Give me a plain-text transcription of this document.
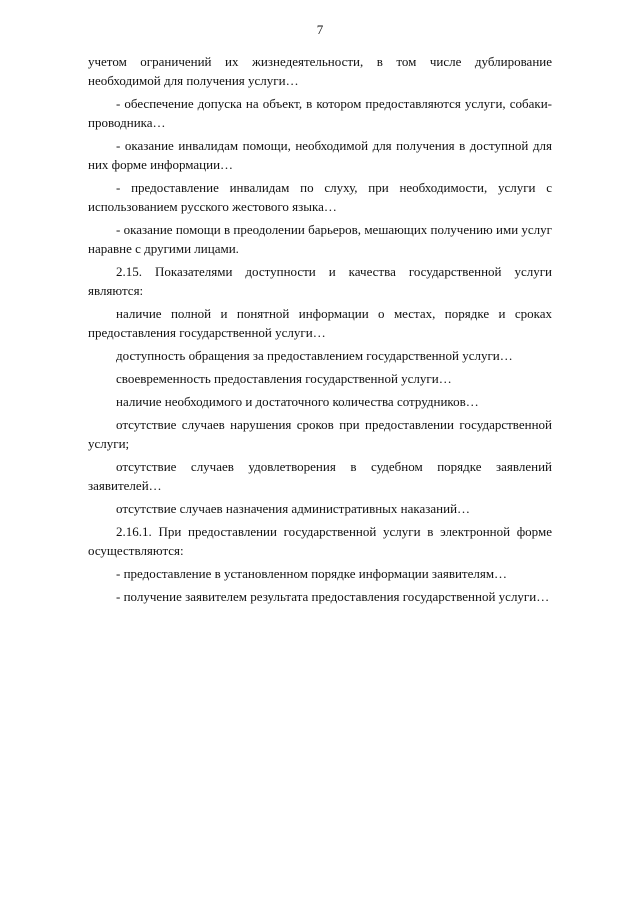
7

учетом ограничений их жизнедеятельности, в том числе дублирование необходимой для получения услуги…

- обеспечение допуска на объект, в котором предоставляются услуги, собаки-проводника…

- оказание инвалидам помощи, необходимой для получения в доступной для них форме информации…

- предоставление инвалидам по слуху, при необходимости, услуги с использованием русского жестового языка…

- оказание помощи в преодолении барьеров, мешающих получению ими услуг наравне с другими лицами.

2.15. Показателями доступности и качества государственной услуги являются:

наличие полной и понятной информации о местах, порядке и сроках предоставления государственной услуги…

доступность обращения за предоставлением государственной услуги…

своевременность предоставления государственной услуги…

наличие необходимого и достаточного количества сотрудников…

отсутствие случаев нарушения сроков при предоставлении государственной услуги;

отсутствие случаев удовлетворения в судебном порядке заявлений заявителей…

отсутствие случаев назначения административных наказаний…

2.16.1. При предоставлении государственной услуги в электронной форме осуществляются:

- предоставление в установленном порядке информации заявителям…

- получение заявителем результата предоставления государственной услуги…
